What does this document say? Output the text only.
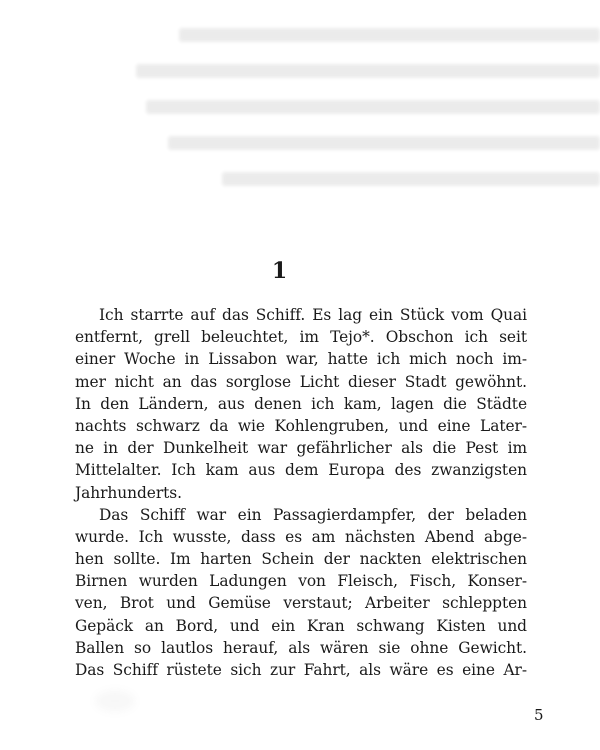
1
Ich starrte auf das Schiff. Es lag ein Stück vom Quai
entfernt, grell beleuchtet, im Tejo*. Obschon ich seit
einer Woche in Lissabon war, hatte ich mich noch im-
mer nicht an das sorglose Licht dieser Stadt gewöhnt.
In den Ländern, aus denen ich kam, lagen die Städte
nachts schwarz da wie Kohlengruben, und eine Later-
ne in der Dunkelheit war gefährlicher als die Pest im
Mittelalter. Ich kam aus dem Europa des zwanzigsten
Jahrhunderts.
Das Schiff war ein Passagierdampfer, der beladen
wurde. Ich wusste, dass es am nächsten Abend abge-
hen sollte. Im harten Schein der nackten elektrischen
Birnen wurden Ladungen von Fleisch, Fisch, Konser-
ven, Brot und Gemüse verstaut; Arbeiter schleppten
Gepäck an Bord, und ein Kran schwang Kisten und
Ballen so lautlos herauf, als wären sie ohne Gewicht.
Das Schiff rüstete sich zur Fahrt, als wäre es eine Ar-
5
